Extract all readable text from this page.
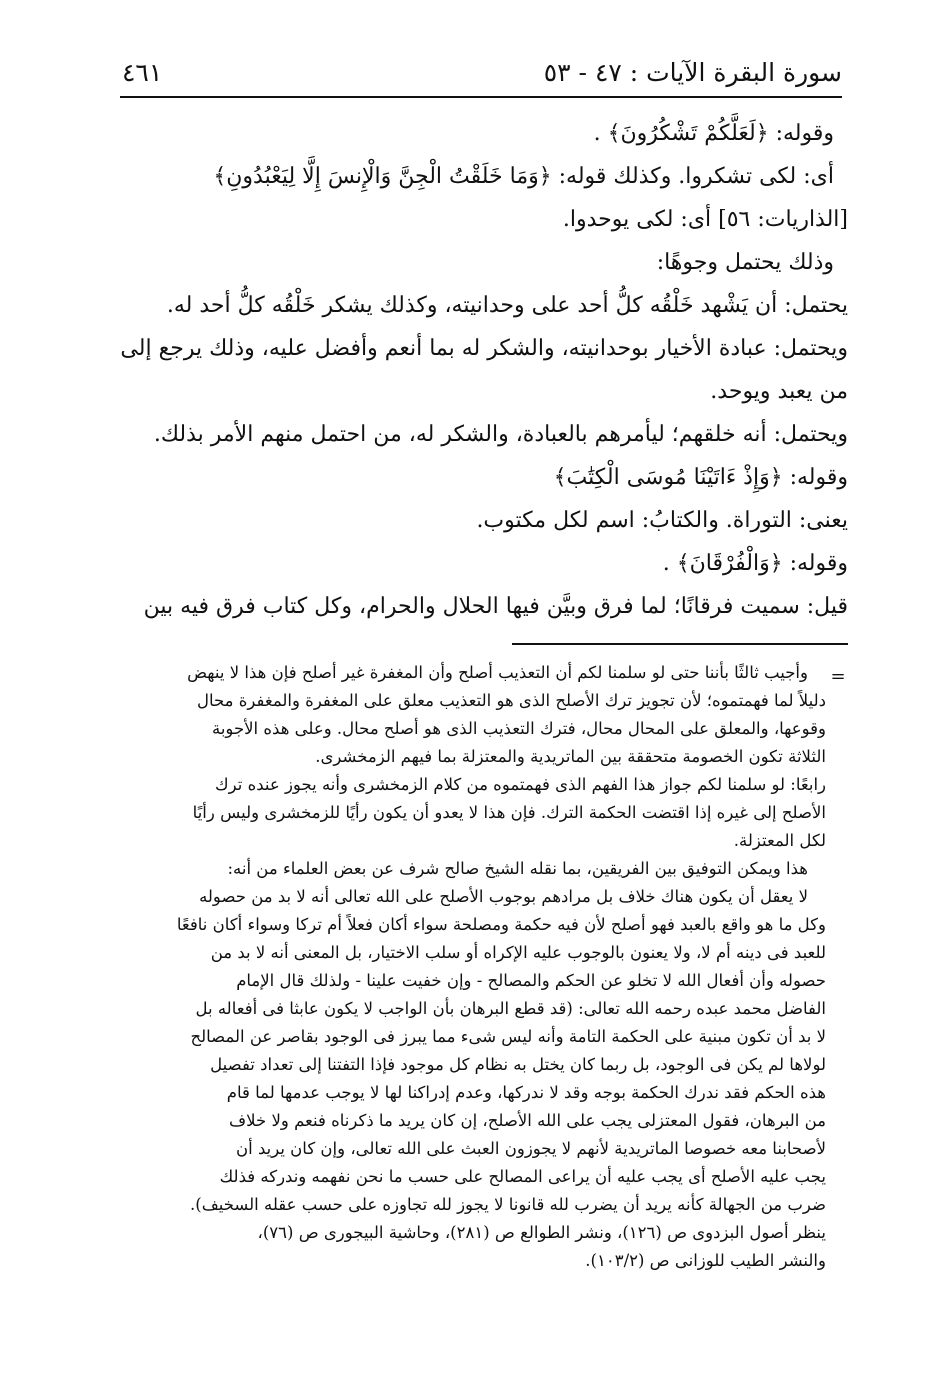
سورة البقرة الآيات : ٤٧ - ٥٣
٤٦١

وقوله: ﴿لَعَلَّكُمْ تَشْكُرُونَ﴾ .

أى: لكى تشكروا. وكذلك قوله: ﴿وَمَا خَلَقْتُ الْجِنَّ وَالْإِنسَ إِلَّا لِيَعْبُدُونِ﴾

[الذاريات: ٥٦] أى: لكى يوحدوا.

وذلك يحتمل وجوهًا:

يحتمل: أن يَشْهد خَلْقُه كلُّ أحد على وحدانيته، وكذلك يشكر خَلْقُه كلُّ أحد له.

ويحتمل: عبادة الأخيار بوحدانيته، والشكر له بما أنعم وأفضل عليه، وذلك يرجع إلى

من يعبد ويوحد.

ويحتمل: أنه خلقهم؛ ليأمرهم بالعبادة، والشكر له، من احتمل منهم الأمر بذلك.

وقوله: ﴿وَإِذْ ءَاتَيْنَا مُوسَى الْكِتَٰبَ﴾

يعنى: التوراة. والكتابُ: اسم لكل مكتوب.

وقوله: ﴿وَالْفُرْقَانَ﴾ .

قيل: سميت فرقانًا؛ لما فرق وبيَّن فيها الحلال والحرام، وكل كتاب فرق فيه بين

=

وأجيب ثالثًا بأننا حتى لو سلمنا لكم أن التعذيب أصلح وأن المغفرة غير أصلح فإن هذا لا ينهض

دليلاً لما فهمتموه؛ لأن تجويز ترك الأصلح الذى هو التعذيب معلق على المغفرة والمغفرة محال

وقوعها، والمعلق على المحال محال، فترك التعذيب الذى هو أصلح محال. وعلى هذه الأجوبة

الثلاثة تكون الخصومة متحققة بين الماتريدية والمعتزلة بما فيهم الزمخشرى.

رابعًا: لو سلمنا لكم جواز هذا الفهم الذى فهمتموه من كلام الزمخشرى وأنه يجوز عنده ترك

الأصلح إلى غيره إذا اقتضت الحكمة الترك. فإن هذا لا يعدو أن يكون رأيًا للزمخشرى وليس رأيًا

لكل المعتزلة.

هذا ويمكن التوفيق بين الفريقين، بما نقله الشيخ صالح شرف عن بعض العلماء من أنه:

لا يعقل أن يكون هناك خلاف بل مرادهم بوجوب الأصلح على الله تعالى أنه لا بد من حصوله

وكل ما هو واقع بالعبد فهو أصلح لأن فيه حكمة ومصلحة سواء أكان فعلاً أم تركا وسواء أكان نافعًا

للعبد فى دينه أم لا، ولا يعنون بالوجوب عليه الإكراه أو سلب الاختيار، بل المعنى أنه لا بد من

حصوله وأن أفعال الله لا تخلو عن الحكم والمصالح - وإن خفيت علينا - ولذلك قال الإمام

الفاضل محمد عبده رحمه الله تعالى: (قد قطع البرهان بأن الواجب لا يكون عابثا فى أفعاله بل

لا بد أن تكون مبنية على الحكمة التامة وأنه ليس شىء مما يبرز فى الوجود بقاصر عن المصالح

لولاها لم يكن فى الوجود، بل ربما كان يختل به نظام كل موجود فإذا التفتنا إلى تعداد تفصيل

هذه الحكم فقد ندرك الحكمة بوجه وقد لا ندركها، وعدم إدراكنا لها لا يوجب عدمها لما قام

من البرهان، فقول المعتزلى يجب على الله الأصلح، إن كان يريد ما ذكرناه فنعم ولا خلاف

لأصحابنا معه خصوصا الماتريدية لأنهم لا يجوزون العبث على الله تعالى، وإن كان يريد أن

يجب عليه الأصلح أى يجب عليه أن يراعى المصالح على حسب ما نحن نفهمه وندركه فذلك

ضرب من الجهالة كأنه يريد أن يضرب لله قانونا لا يجوز لله تجاوزه على حسب عقله السخيف).

ينظر أصول البزدوى ص (١٢٦)، ونشر الطوالع ص (٢٨١)، وحاشية البيجورى ص (٧٦)،

والنشر الطيب للوزانى ص (١٠٣/٢).
